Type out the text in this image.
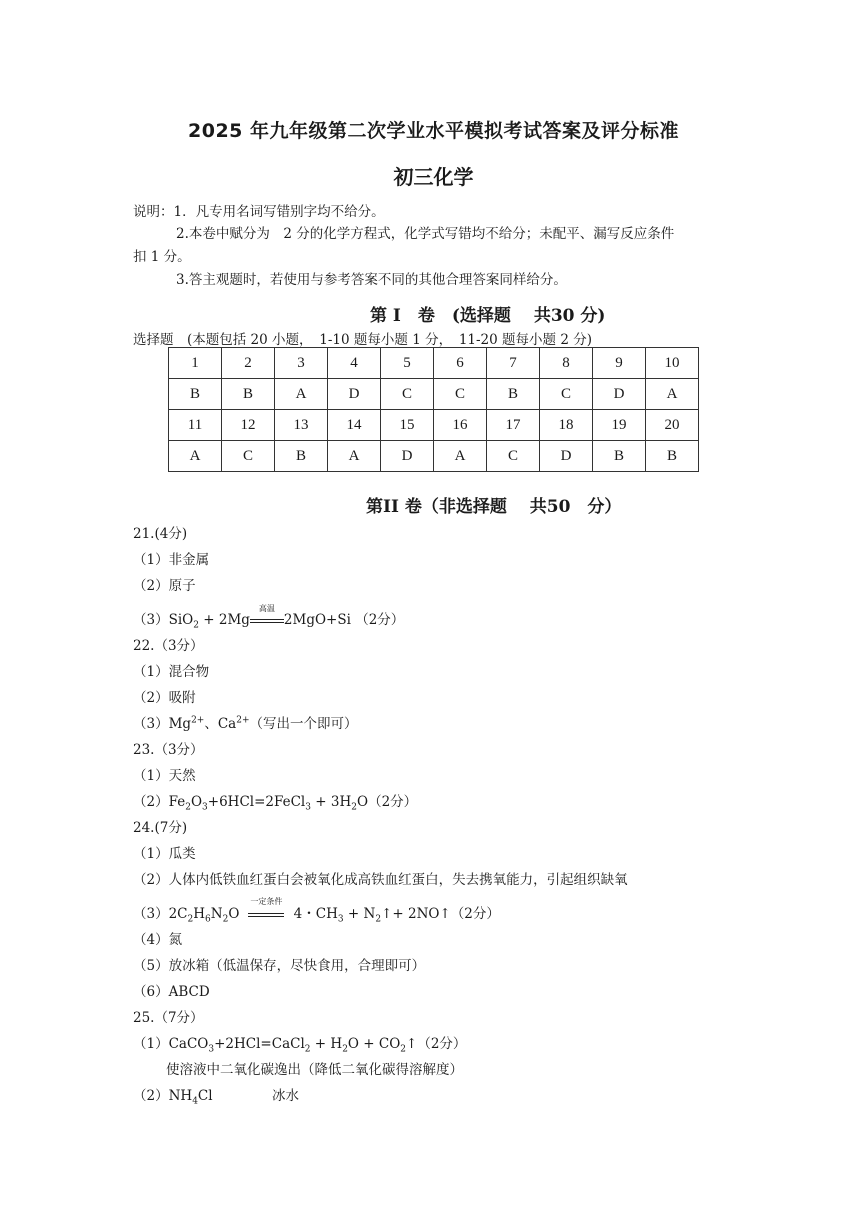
2025 年九年级第二次学业水平模拟考试答案及评分标准
初三化学
说明：1．凡专用名词写错别字均不给分。
2.本卷中赋分为　2 分的化学方程式，化学式写错均不给分；未配平、漏写反应条件
扣 1 分。
3.答主观题时，若使用与参考答案不同的其他合理答案同样给分。
第 I　卷　(选择题　 共30 分)
选择题　(本题包括 20 小题，　1-10 题每小题 1 分，　11-20 题每小题 2 分)
1	2	3	4	5	6	7	8	9	10
B	B	A	D	C	C	B	C	D	A
11	12	13	14	15	16	17	18	19	20
A	C	B	A	D	A	C	D	B	B
第II 卷（非选择题　 共50　分）
21.(4分)
（1）非金属
（2）原子
（3）SiO$_2$ + 2Mg
高温
2MgO+Si （2分）
22.（3分）
（1）混合物
（2）吸附
$(3)Mg^{2+}$、$Ca^{2+}$（写出一个即可）
23.（3分）
（1）天然
$(2)Fe_2O_3+6HCl=2FeCl_3 + 3H_2O(2$分）
24.(7分)
（1）瓜类
（2）人体内低铁血红蛋白会被氧化成高铁血红蛋白，失去携氧能力，引起组织缺氧
$(3)2C_2H_6N_2O$
一定条件
4・$CH_3$ + $N_2↑+$ 2NO↑（2分）
（4）氮
（5）放冰箱（低温保存，尽快食用，合理即可）
（6）ABCD
25.（7分）
（1）CaCO$_3$+2HCl=CaCl$_2$ + $H_2O$ + $CO_2↑(2$分）
使溶液中二氧化碳逸出（降低二氧化碳得溶解度）
$(2)NH_4Cl$	冰水
